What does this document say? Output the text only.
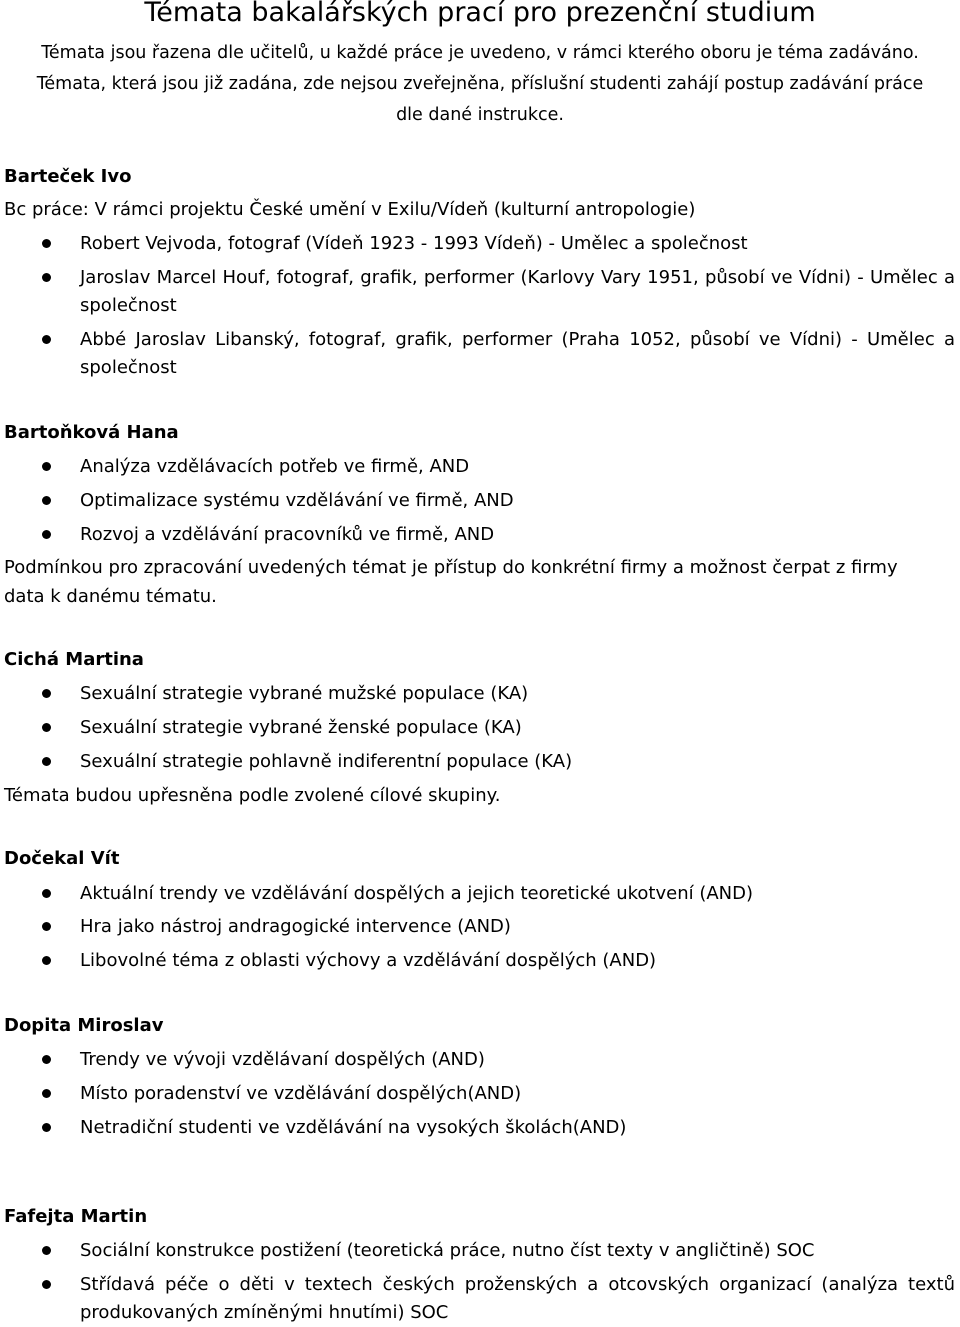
Témata bakalářských prací pro prezenční studium
Témata jsou řazena dle učitelů, u každé práce je uvedeno, v rámci kterého oboru je téma zadáváno.
Témata, která jsou již zadána, zde nejsou zveřejněna, příslušní studenti zahájí postup zadávání práce
dle dané instrukce.
Barteček Ivo
Bc práce: V rámci projektu České umění v Exilu/Vídeň (kulturní antropologie)
Robert Vejvoda, fotograf (Vídeň 1923 - 1993 Vídeň) - Umělec a společnost
Jaroslav Marcel Houf, fotograf, grafik, performer (Karlovy Vary 1951, působí ve Vídni) - Umělec a společnost
Abbé Jaroslav Libanský, fotograf, grafik, performer (Praha 1052, působí ve Vídni) - Umělec a společnost
Bartoňková Hana
Analýza vzdělávacích potřeb ve firmě, AND
Optimalizace systému vzdělávání ve firmě, AND
Rozvoj a vzdělávání pracovníků ve firmě, AND
Podmínkou pro zpracování uvedených témat je přístup do konkrétní firmy a možnost čerpat z firmy
data k danému tématu.
Cichá Martina
Sexuální strategie vybrané mužské populace (KA)
Sexuální strategie vybrané ženské populace (KA)
Sexuální strategie pohlavně indiferentní populace (KA)
Témata budou upřesněna podle zvolené cílové skupiny.
Dočekal Vít
Aktuální trendy ve vzdělávání dospělých a jejich teoretické ukotvení (AND)
Hra jako nástroj andragogické intervence (AND)
Libovolné téma z oblasti výchovy a vzdělávání dospělých (AND)
Dopita Miroslav
Trendy ve vývoji vzdělávaní dospělých (AND)
Místo poradenství ve vzdělávání dospělých(AND)
Netradiční studenti ve vzdělávání na vysokých školách(AND)
Fafejta Martin
Sociální konstrukce postižení (teoretická práce, nutno číst texty v angličtině) SOC
Střídavá péče o děti v textech českých proženských a otcovských organizací (analýza textů produkovaných zmíněnými hnutími) SOC
